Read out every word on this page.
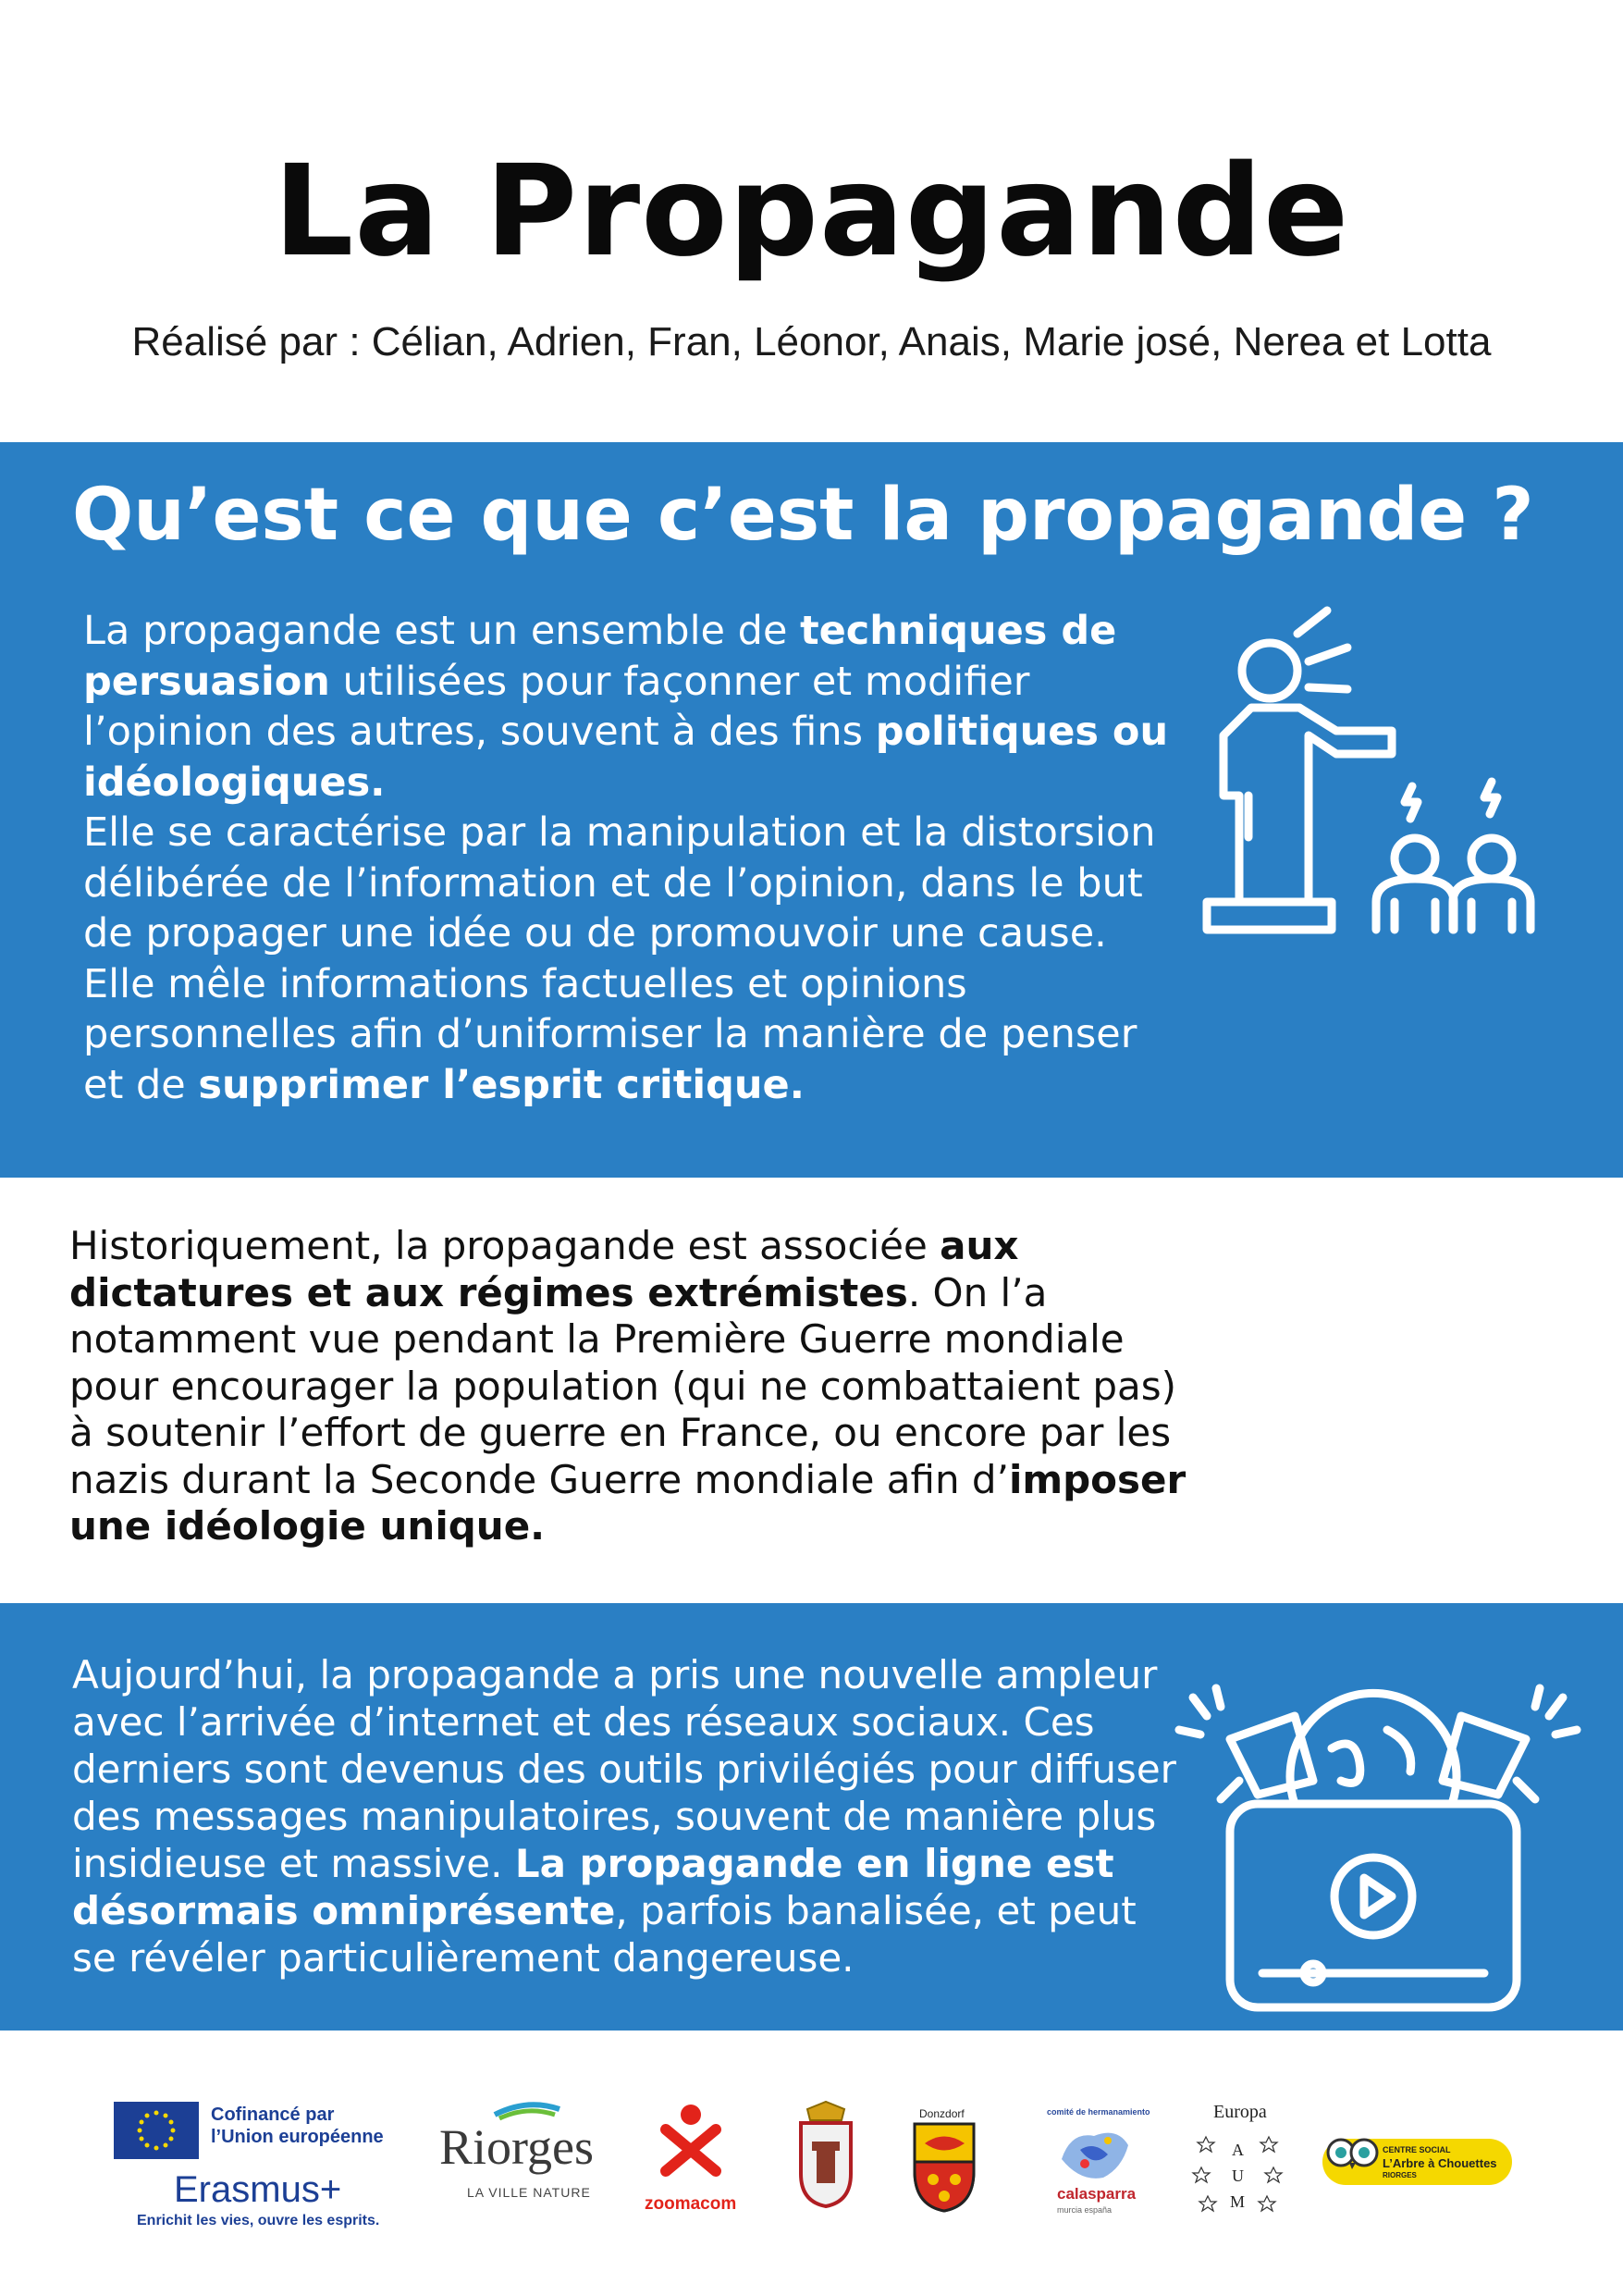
La Propagande
Réalisé par : Célian, Adrien, Fran, Léonor, Anais, Marie josé, Nerea et Lotta
Qu’est ce que c’est la propagande ?
La propagande est un ensemble de techniques de persuasion utilisées pour façonner et modifier l’opinion des autres, souvent à des fins politiques ou idéologiques.
Elle se caractérise par la manipulation et la distorsion délibérée de l’information et de l’opinion, dans le but de propager une idée ou de promouvoir une cause.
Elle mêle informations factuelles et opinions personnelles afin d’uniformiser la manière de penser et de supprimer l’esprit critique.
Historiquement, la propagande est associée aux dictatures et aux régimes extrémistes. On l’a notamment vue pendant la Première Guerre mondiale pour encourager la population (qui ne combattaient pas) à soutenir l’effort de guerre en France, ou encore par les nazis durant la Seconde Guerre mondiale afin d’imposer une idéologie unique.
Aujourd’hui, la propagande a pris une nouvelle ampleur avec l’arrivée d’internet et des réseaux sociaux. Ces derniers sont devenus des outils privilégiés pour diffuser des messages manipulatoires, souvent de manière plus insidieuse et massive. La propagande en ligne est désormais omniprésente, parfois banalisée, et peut se révéler particulièrement dangereuse.
Cofinancé par
l’Union européenne
Erasmus+
Enrichit les vies, ouvre les esprits.
Riorges
LA VILLE NATURE
zoomacom
Donzdorf	comité de hermanamiento
calasparra
murcia españa
Europa
A
U
M
CENTRE SOCIAL
L’Arbre à Chouettes
RIORGES
